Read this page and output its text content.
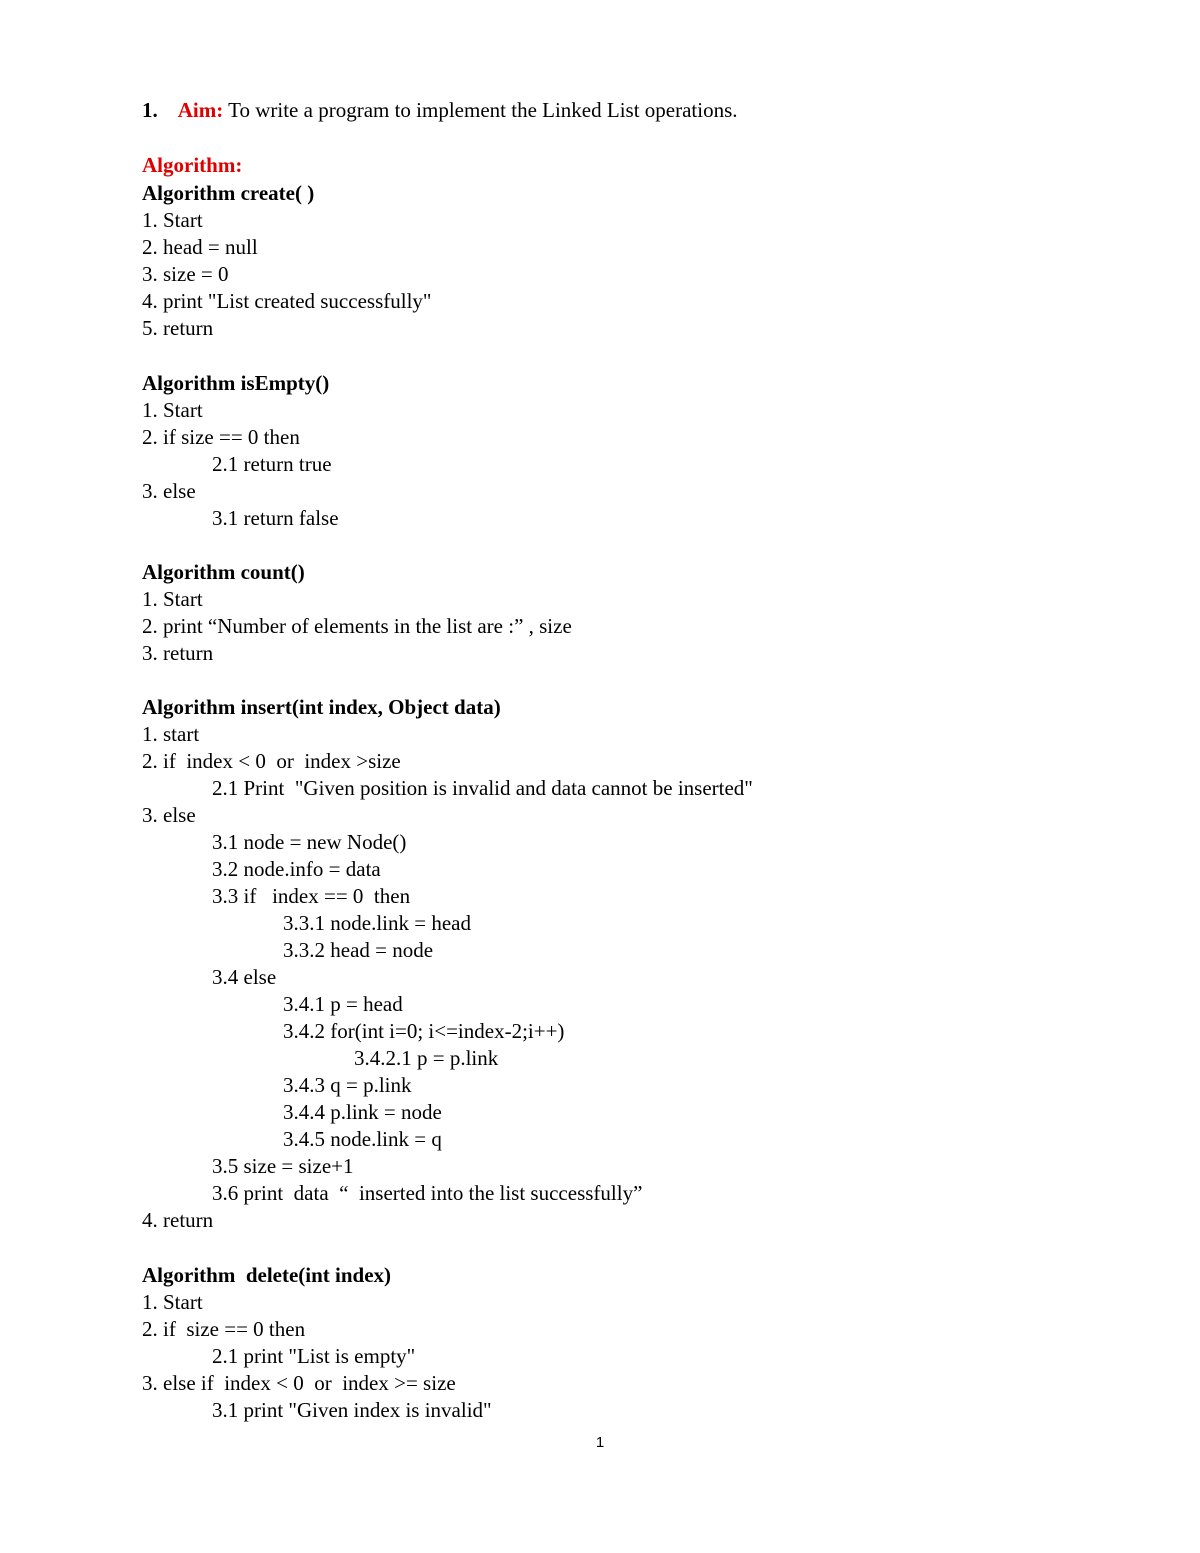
1. Aim: To write a program to implement the Linked List operations.
Algorithm:
Algorithm create( )
1. Start
2. head = null
3. size = 0
4. print "List created successfully"
5. return
Algorithm isEmpty()
1. Start
2. if size == 0 then
2.1 return true
3. else
3.1 return false
Algorithm count()
1. Start
2. print “Number of elements in the list are :” , size
3. return
Algorithm insert(int index, Object data)
1. start
2. if  index < 0  or  index >size
2.1 Print  "Given position is invalid and data cannot be inserted"
3. else
3.1 node = new Node()
3.2 node.info = data
3.3 if   index == 0  then
3.3.1 node.link = head
3.3.2 head = node
3.4 else
3.4.1 p = head
3.4.2 for(int i=0; i<=index-2;i++)
3.4.2.1 p = p.link
3.4.3 q = p.link
3.4.4 p.link = node
3.4.5 node.link = q
3.5 size = size+1
3.6 print  data  “  inserted into the list successfully”
4. return
Algorithm  delete(int index)
1. Start
2. if  size == 0 then
2.1 print "List is empty"
3. else if  index < 0  or  index >= size
3.1 print "Given index is invalid"
1
